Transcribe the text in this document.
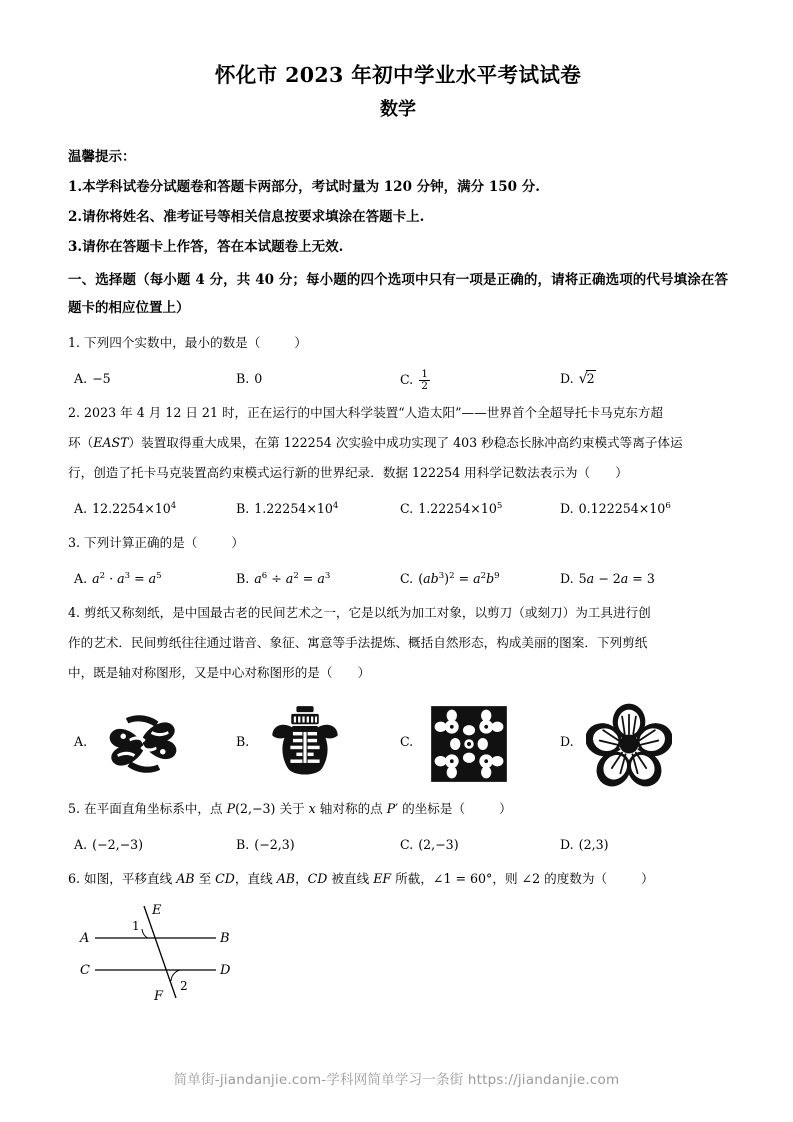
怀化市 2023 年初中学业水平考试试卷
数学
温馨提示：
1.本学科试卷分试题卷和答题卡两部分，考试时量为 120 分钟，满分 150 分.
2.请你将姓名、准考证号等相关信息按要求填涂在答题卡上.
3.请你在答题卡上作答，答在本试题卷上无效.
一、选择题（每小题 4 分，共 40 分；每小题的四个选项中只有一项是正确的，请将正确选项的代号填涂在答题卡的相应位置上）
1. 下列四个实数中，最小的数是（	）
A. −5	B. 0	C. $\frac{1}{2}$	D. √2
2. 2023 年 4 月 12 日 21 时，正在运行的中国大科学装置“人造太阳”——世界首个全超导托卡马克东方超
环（EAST）装置取得重大成果，在第 122254 次实验中成功实现了 403 秒稳态长脉冲高约束模式等离子体运
行，创造了托卡马克装置高约束模式运行新的世界纪录．数据 122254 用科学记数法表示为（　　）
A. $12.2254\times 10^4$	B. $1.22254\times 10^4$	C. $1.22254\times 10^5$	D. $0.122254\times 10^6$
3. 下列计算正确的是（	）
A. $a^2 \cdot a^3 = a^5$	B. $a^6 \div a^2 = a^3$	C. $(ab^3)^2 = a^2b^9$	D. 5a − 2a = 3
4. 剪纸又称刻纸，是中国最古老的民间艺术之一，它是以纸为加工对象，以剪刀（或刻刀）为工具进行创
作的艺术．民间剪纸往往通过谐音、象征、寓意等手法提炼、概括自然形态，构成美丽的图案．下列剪纸
中，既是轴对称图形，又是中心对称图形的是（　　）
A.	B.	C.	D.
5. 在平面直角坐标系中，点 P(2,−3) 关于 x 轴对称的点 P′ 的坐标是（	）
A. (−2,−3)	B. (−2,3)	C. (2,−3)	D. (2,3)
6. 如图，平移直线 AB 至 CD，直线 AB，CD 被直线 EF 所截，∠1 = 60°，则 ∠2 的度数为（	）
A	B
C	D
E
F
1
2
简单街-jiandanjie.com-学科网简单学习一条街 https://jiandanjie.com
